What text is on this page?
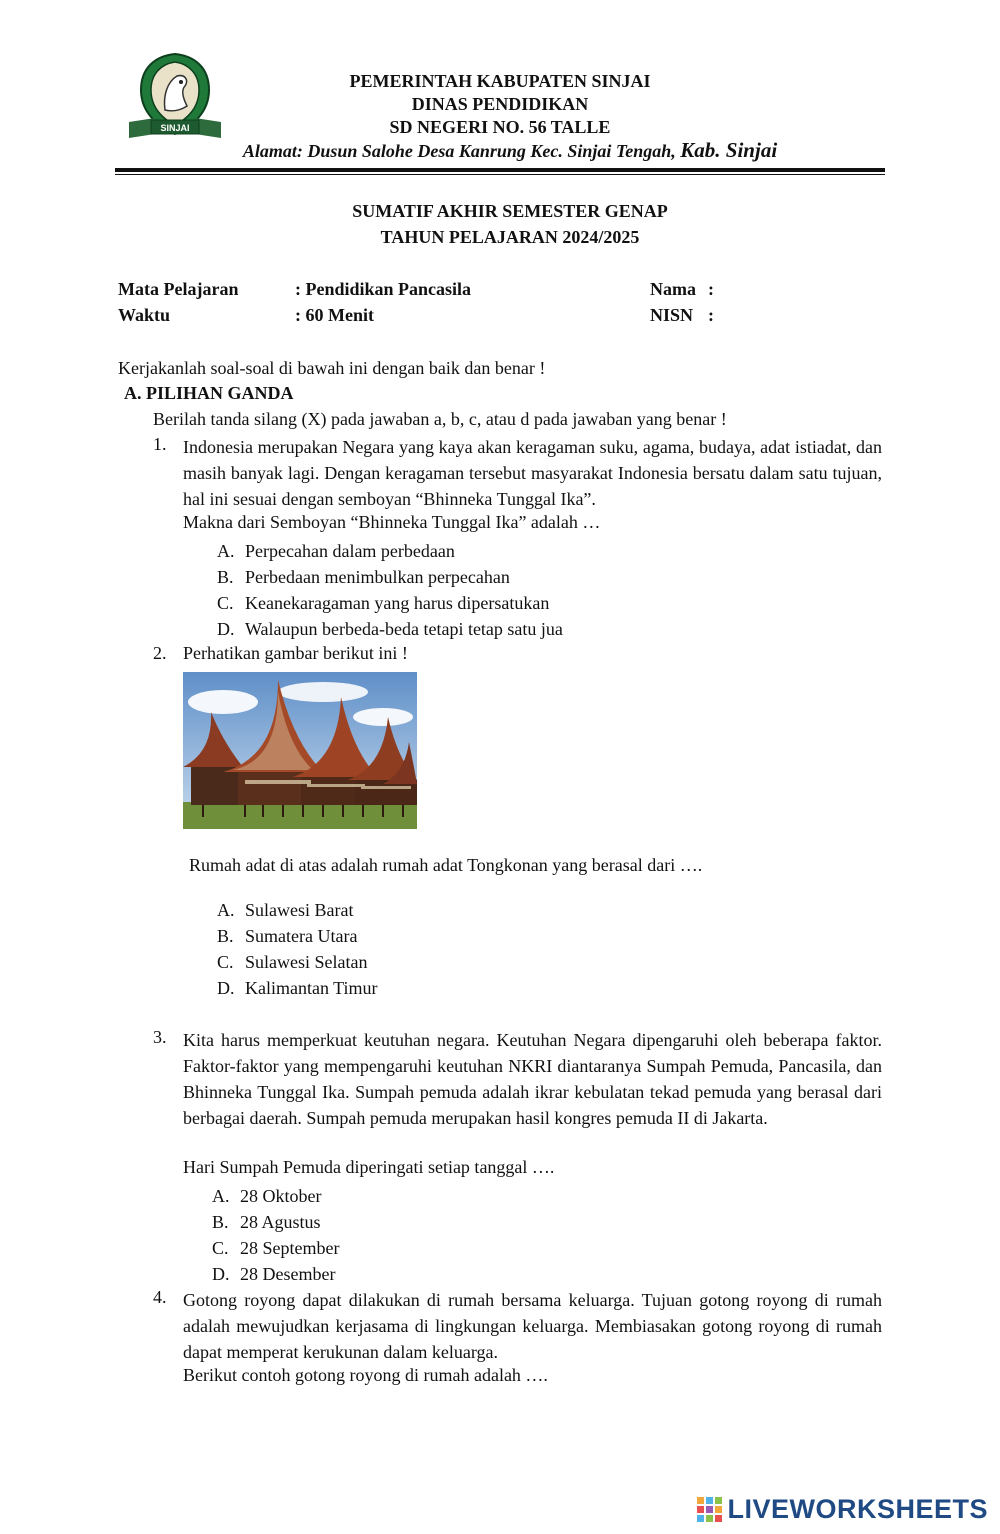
SINJAI
PEMERINTAH KABUPATEN SINJAI
DINAS PENDIDIKAN
SD NEGERI NO. 56 TALLE
Alamat: Dusun Salohe Desa Kanrung Kec. Sinjai Tengah, Kab. Sinjai
SUMATIF AKHIR SEMESTER GENAP
TAHUN PELAJARAN 2024/2025
Mata Pelajaran	: Pendidikan Pancasila	Nama :
Waktu	: 60 Menit	NISN :
Kerjakanlah soal-soal di bawah ini dengan baik dan benar !
A. PILIHAN GANDA
Berilah tanda silang (X) pada jawaban a, b, c, atau d pada jawaban yang benar !
1. Indonesia merupakan Negara yang kaya akan keragaman suku, agama, budaya, adat istiadat, dan masih banyak lagi. Dengan keragaman tersebut masyarakat Indonesia bersatu dalam satu tujuan, hal ini sesuai dengan semboyan “Bhinneka Tunggal Ika”.
Makna dari Semboyan “Bhinneka Tunggal Ika” adalah …
A. Perpecahan dalam perbedaan
B. Perbedaan menimbulkan perpecahan
C. Keanekaragaman yang harus dipersatukan
D. Walaupun berbeda-beda tetapi tetap satu jua
2. Perhatikan gambar berikut ini !
Rumah adat di atas adalah rumah adat Tongkonan yang berasal dari ….
A. Sulawesi Barat
B. Sumatera Utara
C. Sulawesi Selatan
D. Kalimantan Timur
3. Kita harus memperkuat keutuhan negara. Keutuhan Negara dipengaruhi oleh beberapa faktor. Faktor-faktor yang mempengaruhi keutuhan NKRI diantaranya Sumpah Pemuda, Pancasila, dan Bhinneka Tunggal Ika. Sumpah pemuda adalah ikrar kebulatan tekad pemuda yang berasal dari berbagai daerah. Sumpah pemuda merupakan hasil kongres pemuda II di Jakarta.
Hari Sumpah Pemuda diperingati setiap tanggal ….
A. 28 Oktober
B. 28 Agustus
C. 28 September
D. 28 Desember
4. Gotong royong dapat dilakukan di rumah bersama keluarga. Tujuan gotong royong di rumah adalah mewujudkan kerjasama di lingkungan keluarga. Membiasakan gotong royong di rumah dapat memperat kerukunan dalam keluarga.
Berikut contoh gotong royong di rumah adalah ….
LIVEWORKSHEETS
